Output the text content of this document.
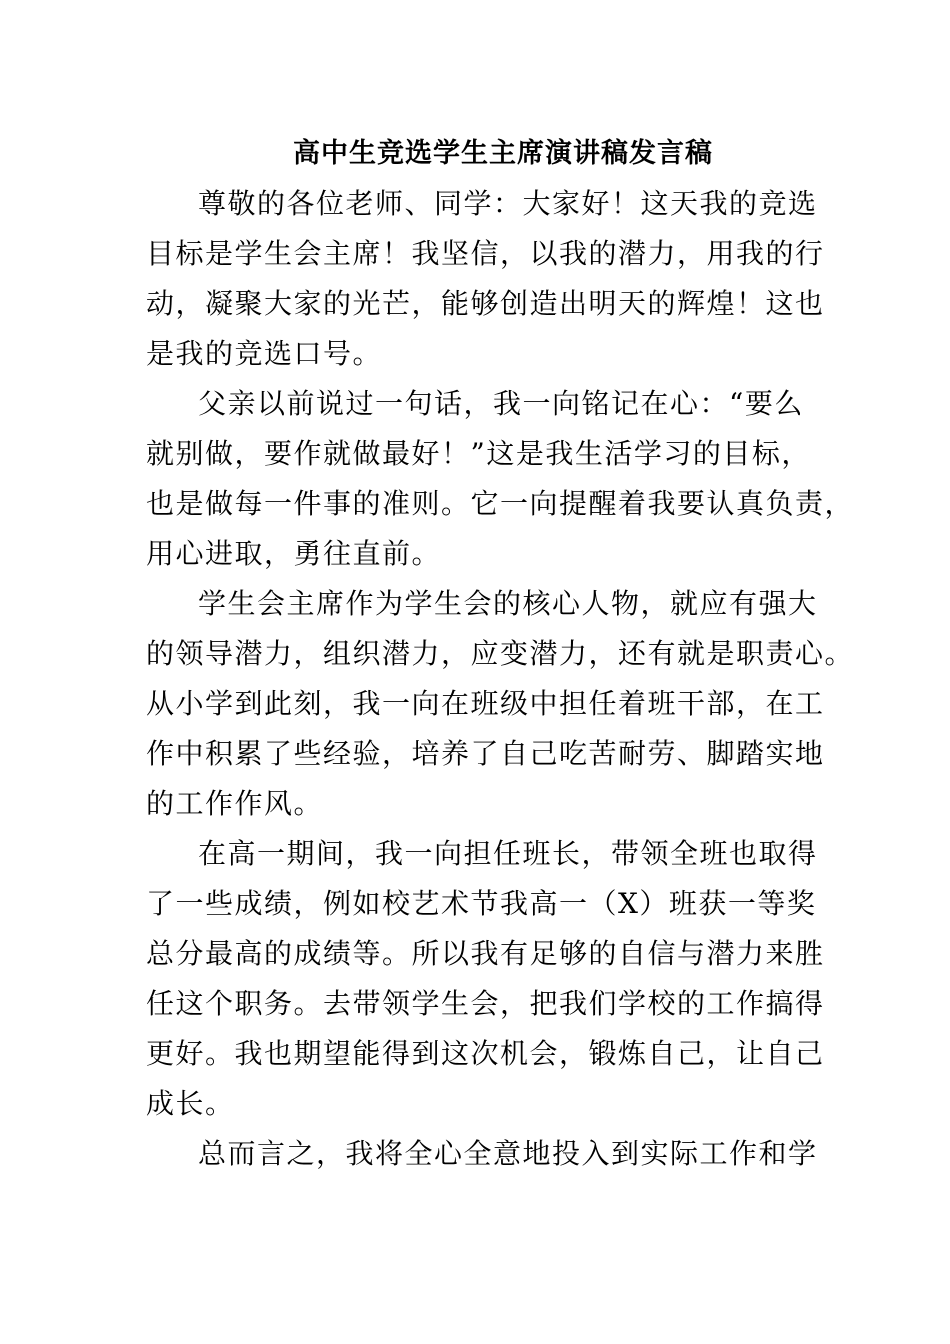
高中生竞选学生主席演讲稿发言稿
尊敬的各位老师、同学：大家好！这天我的竞选
目标是学生会主席！我坚信，以我的潜力，用我的行
动，凝聚大家的光芒，能够创造出明天的辉煌！这也
是我的竞选口号。
父亲以前说过一句话，我一向铭记在心：“要么
就别做，要作就做最好！”这是我生活学习的目标，
也是做每一件事的准则。它一向提醒着我要认真负责，
用心进取，勇往直前。
学生会主席作为学生会的核心人物，就应有强大
的领导潜力，组织潜力，应变潜力，还有就是职责心。
从小学到此刻，我一向在班级中担任着班干部，在工
作中积累了些经验，培养了自己吃苦耐劳、脚踏实地
的工作作风。
在高一期间，我一向担任班长，带领全班也取得
了一些成绩，例如校艺术节我高一（X）班获一等奖
总分最高的成绩等。所以我有足够的自信与潜力来胜
任这个职务。去带领学生会，把我们学校的工作搞得
更好。我也期望能得到这次机会，锻炼自己，让自己
成长。
总而言之，我将全心全意地投入到实际工作和学
